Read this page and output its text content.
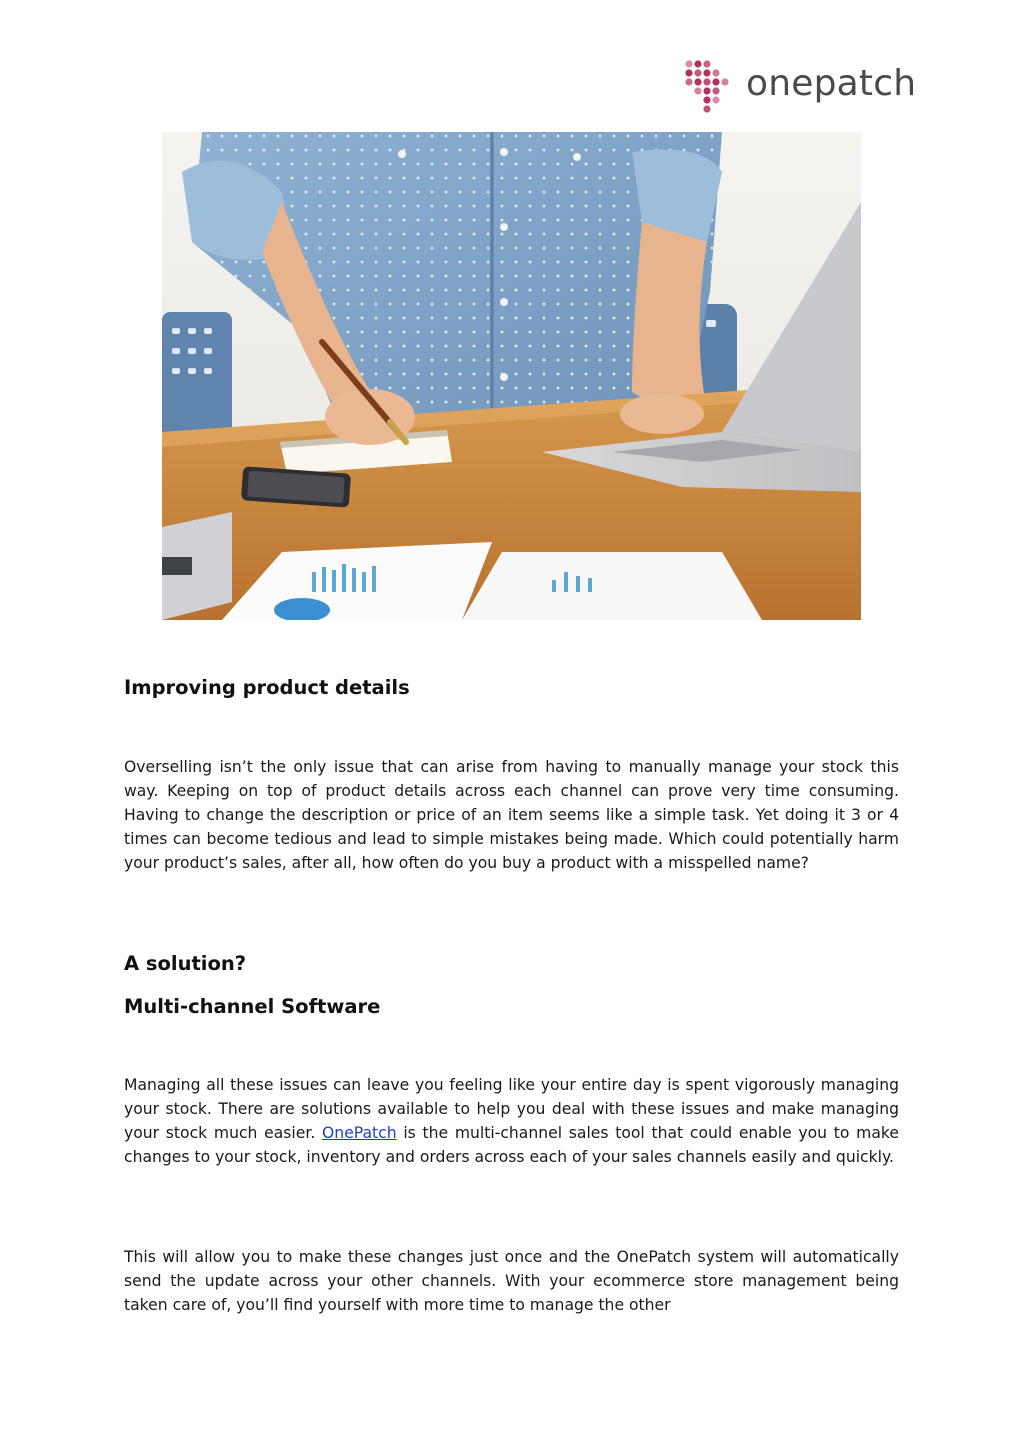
onepatch
Improving product details

Overselling isn’t the only issue that can arise from having to manually manage your stock this way. Keeping on top of product details across each channel can prove very time consuming. Having to change the description or price of an item seems like a simple task. Yet doing it 3 or 4 times can become tedious and lead to simple mistakes being made. Which could potentially harm your product’s sales, after all, how often do you buy a product with a misspelled name?

A solution?
Multi-channel Software

Managing all these issues can leave you feeling like your entire day is spent vigorously managing your stock. There are solutions available to help you deal with these issues and make managing your stock much easier. OnePatch is the multi-channel sales tool that could enable you to make changes to your stock, inventory and orders across each of your sales channels easily and quickly.

This will allow you to make these changes just once and the OnePatch system will automatically send the update across your other channels. With your ecommerce store management being taken care of, you’ll find yourself with more time to manage the other
